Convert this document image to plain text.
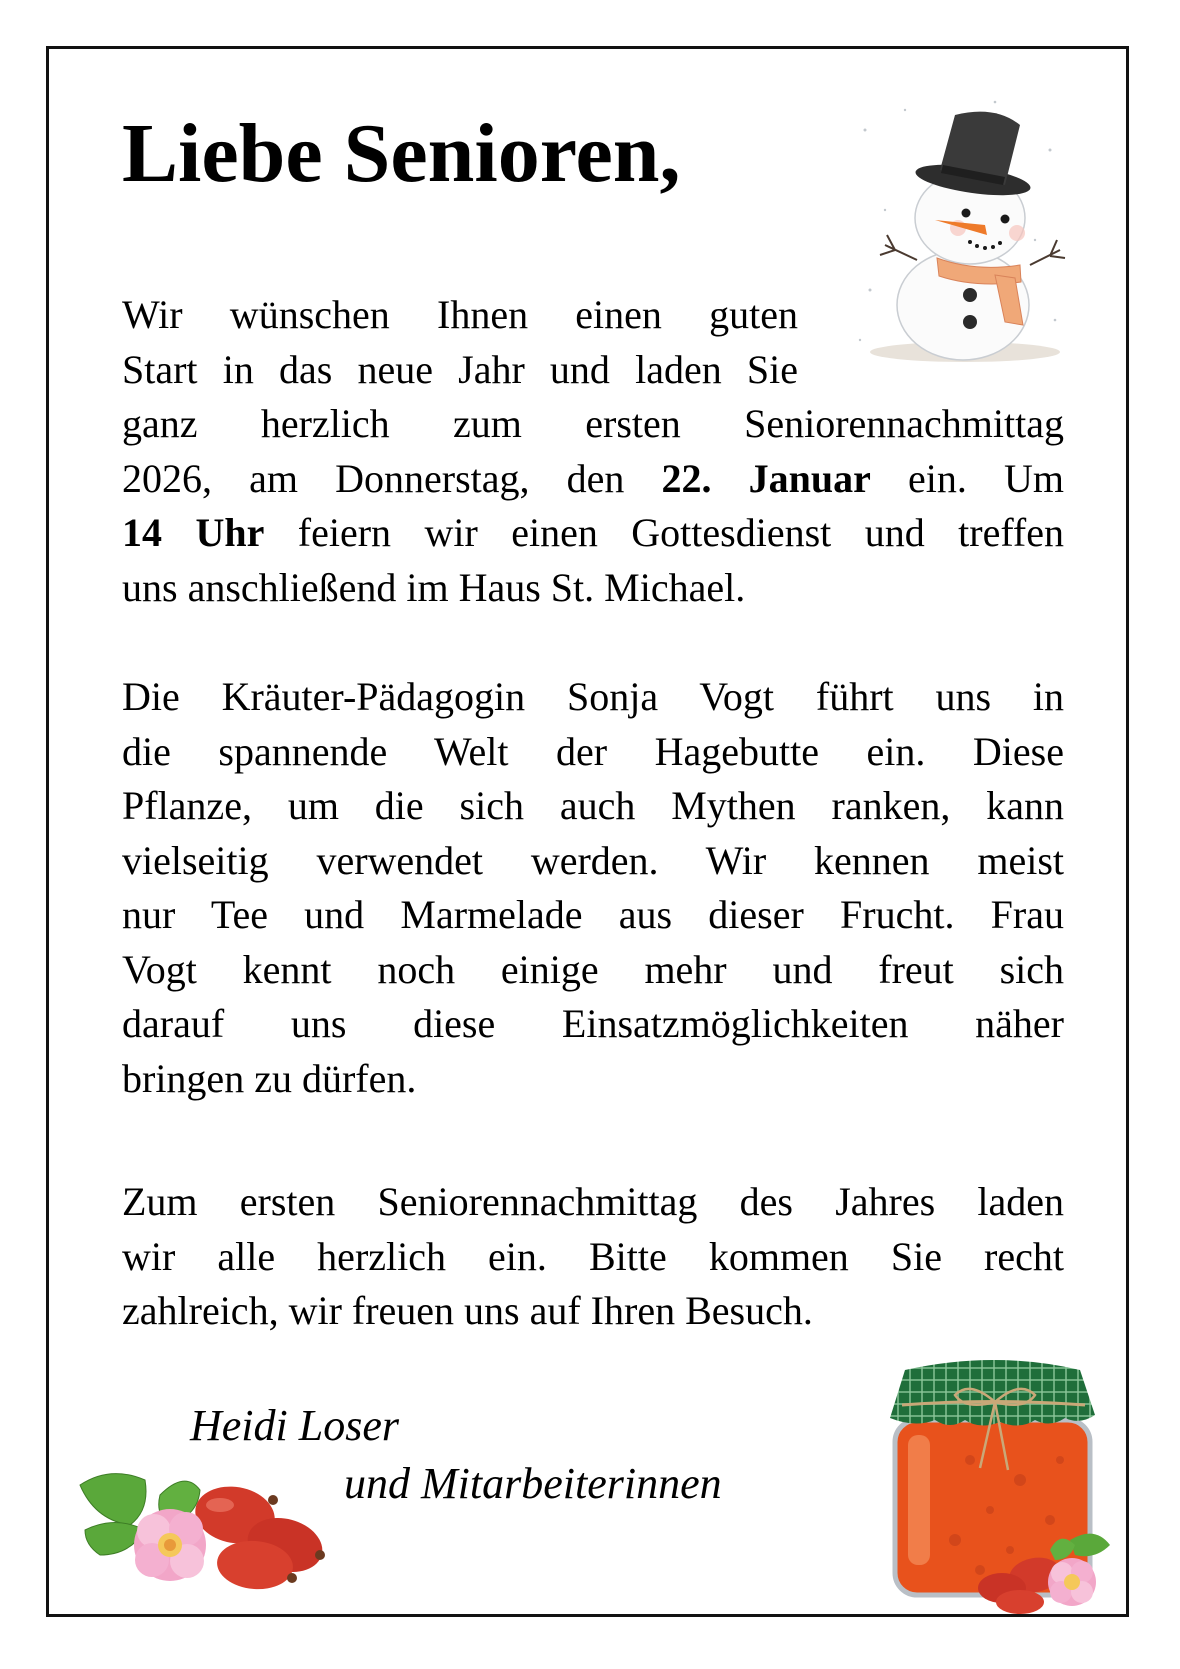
Liebe Senioren,
Wir wünschen Ihnen einen guten
Start in das neue Jahr und laden Sie
ganz herzlich zum ersten Seniorennachmittag
2026, am Donnerstag, den 22. Januar ein. Um
14 Uhr feiern wir einen Gottesdienst und treffen
uns anschließend im Haus St. Michael.
Die Kräuter-Pädagogin Sonja Vogt führt uns in
die spannende Welt der Hagebutte ein. Diese
Pflanze, um die sich auch Mythen ranken, kann
vielseitig verwendet werden. Wir kennen meist
nur Tee und Marmelade aus dieser Frucht. Frau
Vogt kennt noch einige mehr und freut sich
darauf uns diese Einsatzmöglichkeiten näher
bringen zu dürfen.
Zum ersten Seniorennachmittag des Jahres laden
wir alle herzlich ein. Bitte kommen Sie recht
zahlreich, wir freuen uns auf Ihren Besuch.
Heidi Loser
und Mitarbeiterinnen
